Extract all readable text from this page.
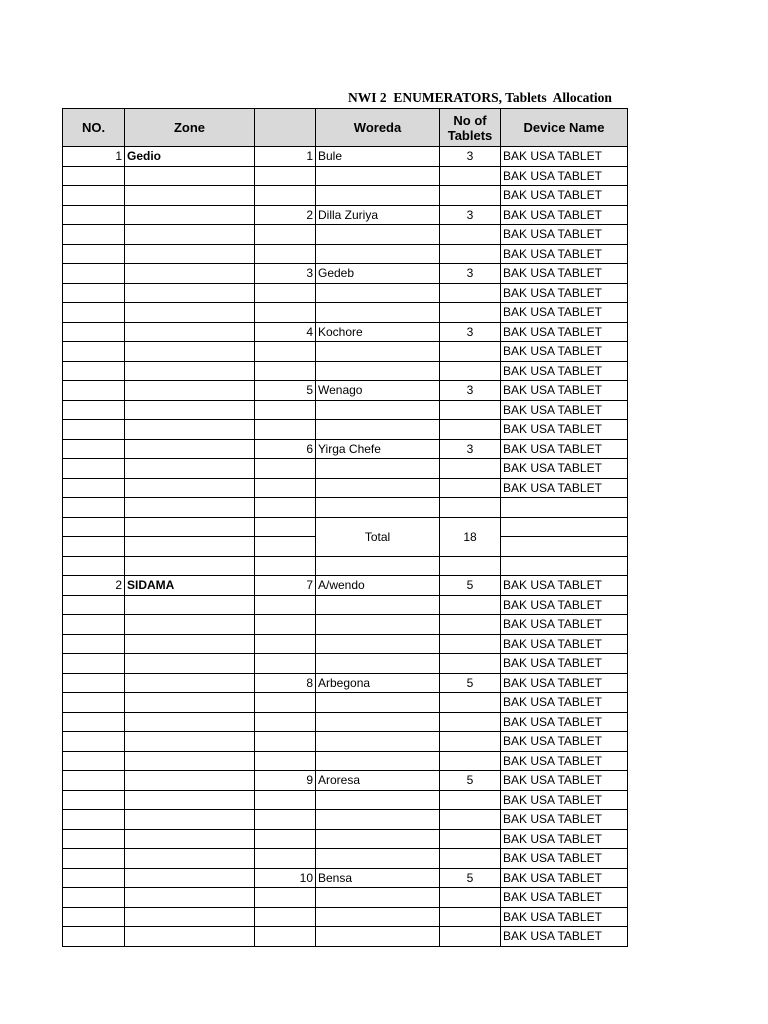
NWI 2  ENUMERATORS, Tablets  Allocation
NO.	Zone		Woreda	No of Tablets	Device Name
1	Gedio	1	Bule	3	BAK USA TABLET
					BAK USA TABLET
					BAK USA TABLET
		2	Dilla Zuriya	3	BAK USA TABLET
					BAK USA TABLET
					BAK USA TABLET
		3	Gedeb	3	BAK USA TABLET
					BAK USA TABLET
					BAK USA TABLET
		4	Kochore	3	BAK USA TABLET
					BAK USA TABLET
					BAK USA TABLET
		5	Wenago	3	BAK USA TABLET
					BAK USA TABLET
					BAK USA TABLET
		6	Yirga Chefe	3	BAK USA TABLET
					BAK USA TABLET
					BAK USA TABLET

			Total	18	

2	SIDAMA	7	A/wendo	5	BAK USA TABLET
					BAK USA TABLET
					BAK USA TABLET
					BAK USA TABLET
					BAK USA TABLET
		8	Arbegona	5	BAK USA TABLET
					BAK USA TABLET
					BAK USA TABLET
					BAK USA TABLET
					BAK USA TABLET
		9	Aroresa	5	BAK USA TABLET
					BAK USA TABLET
					BAK USA TABLET
					BAK USA TABLET
					BAK USA TABLET
		10	Bensa	5	BAK USA TABLET
					BAK USA TABLET
					BAK USA TABLET
					BAK USA TABLET
